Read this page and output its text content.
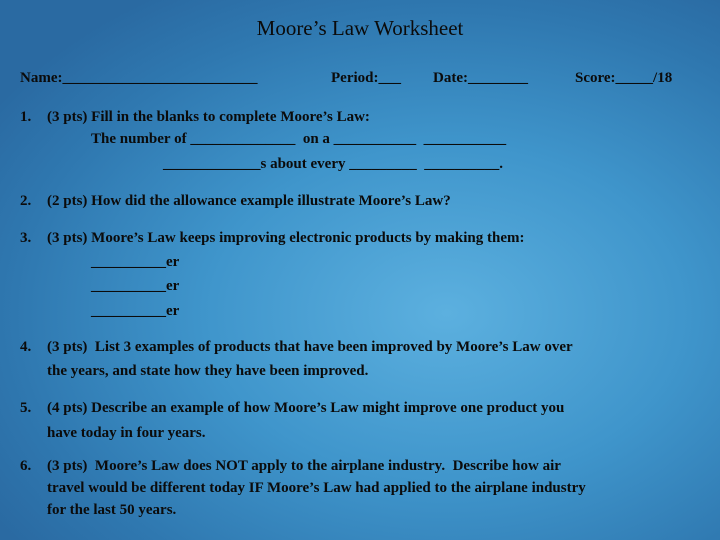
Moore’s Law Worksheet
Name:__________________________	Period:___ Date:________	Score:_____/18
1. (3 pts) Fill in the blanks to complete Moore’s Law:
The number of ______________  on a ___________  ___________
_____________s about every _________  __________.
2. (2 pts) How did the allowance example illustrate Moore’s Law?
3. (3 pts) Moore’s Law keeps improving electronic products by making them:
__________er
__________er
__________er
4. (3 pts)  List 3 examples of products that have been improved by Moore’s Law over
the years, and state how they have been improved.
5. (4 pts) Describe an example of how Moore’s Law might improve one product you
have today in four years.
6. (3 pts)  Moore’s Law does NOT apply to the airplane industry.  Describe how air
travel would be different today IF Moore’s Law had applied to the airplane industry
for the last 50 years.
